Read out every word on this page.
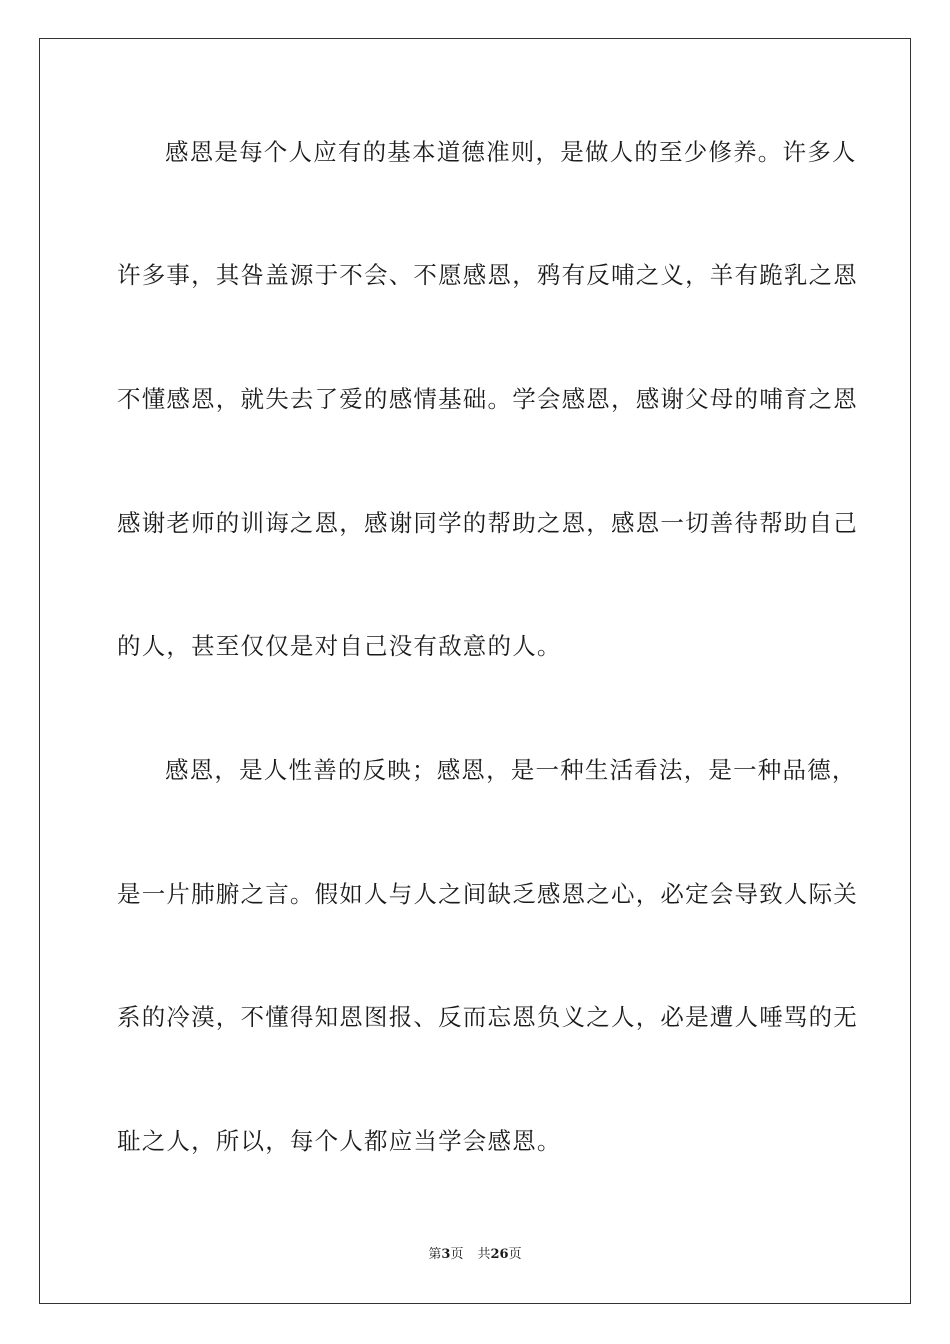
感恩是每个人应有的基本道德准则，是做人的至少修养。许多人
许多事，其咎盖源于不会、不愿感恩，鸦有反哺之义，羊有跪乳之恩
不懂感恩，就失去了爱的感情基础。学会感恩，感谢父母的哺育之恩
感谢老师的训诲之恩，感谢同学的帮助之恩，感恩一切善待帮助自己
的人，甚至仅仅是对自己没有敌意的人。
感恩，是人性善的反映；感恩，是一种生活看法，是一种品德，
是一片肺腑之言。假如人与人之间缺乏感恩之心，必定会导致人际关
系的冷漠，不懂得知恩图报、反而忘恩负义之人，必是遭人唾骂的无
耻之人，所以，每个人都应当学会感恩。
第3页 共26页
